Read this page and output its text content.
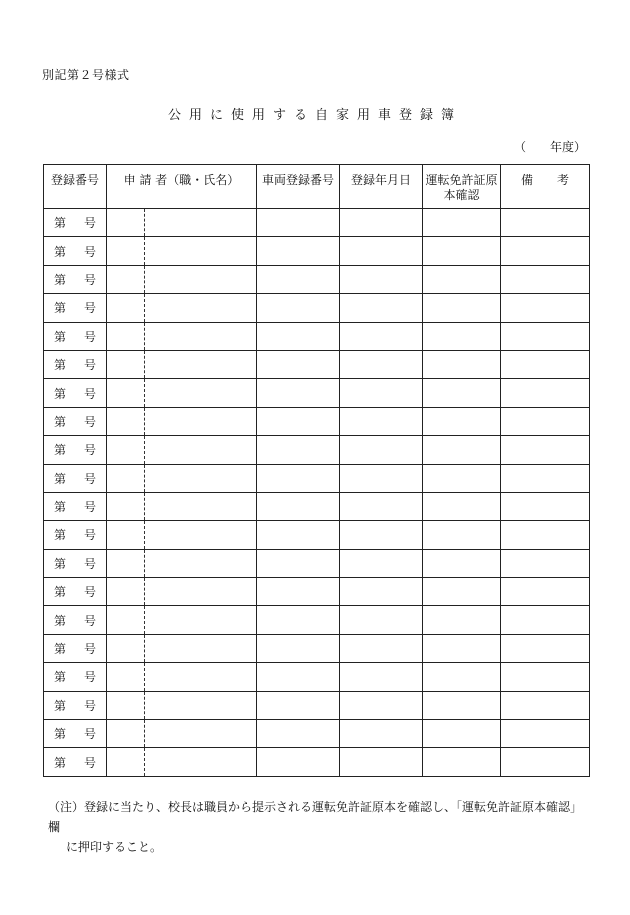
別記第２号様式
公用に使用する自家用車登録簿
（ 年度）
登録番号	申 請 者（職・氏名）	車両登録番号	登録年月日	運転免許証原本確認	備　　考

第 号					

第 号					

第 号					

第 号					

第 号					

第 号					

第 号					

第 号					

第 号					

第 号					

第 号					

第 号					

第 号					

第 号					

第 号					

第 号					

第 号					

第 号					

第 号					

第 号					

（注）登録に当たり、校長は職員から提示される運転免許証原本を確認し、「運転免許証原本確認」欄
に押印すること。
